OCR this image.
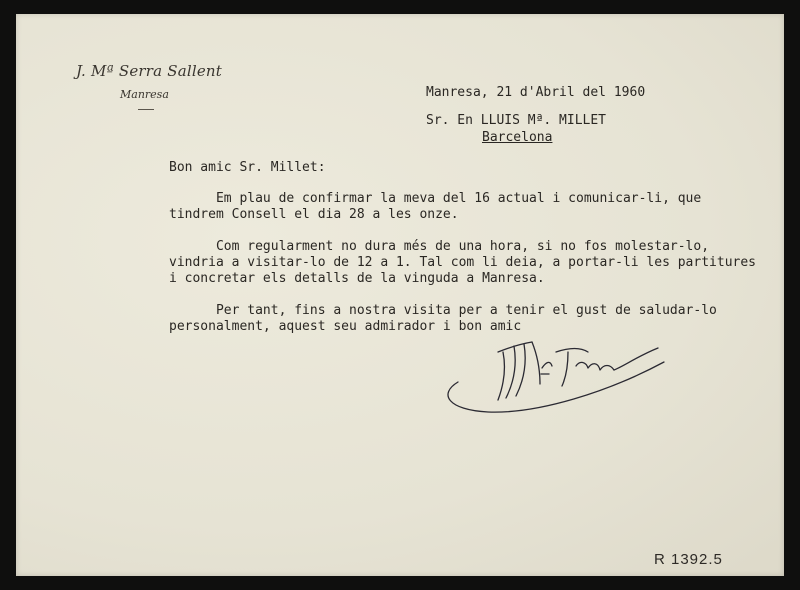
J. Mª Serra Sallent
Manresa	Manresa, 21 d'Abril del 1960
Sr. En LLUIS Mª. MILLET
Barcelona
Bon amic Sr. Millet:
Em plau de confirmar la meva del 16 actual i comunicar-li, que
tindrem Consell el dia 28 a les onze.
Com regularment no dura més de una hora, si no fos molestar-lo,
vindria a visitar-lo de 12 a 1. Tal com li deia, a portar-li les partitures
i concretar els detalls de la vinguda a Manresa.
Per tant, fins a nostra visita per a tenir el gust de saludar-lo
personalment, aquest seu admirador i bon amic
R 1392.5
